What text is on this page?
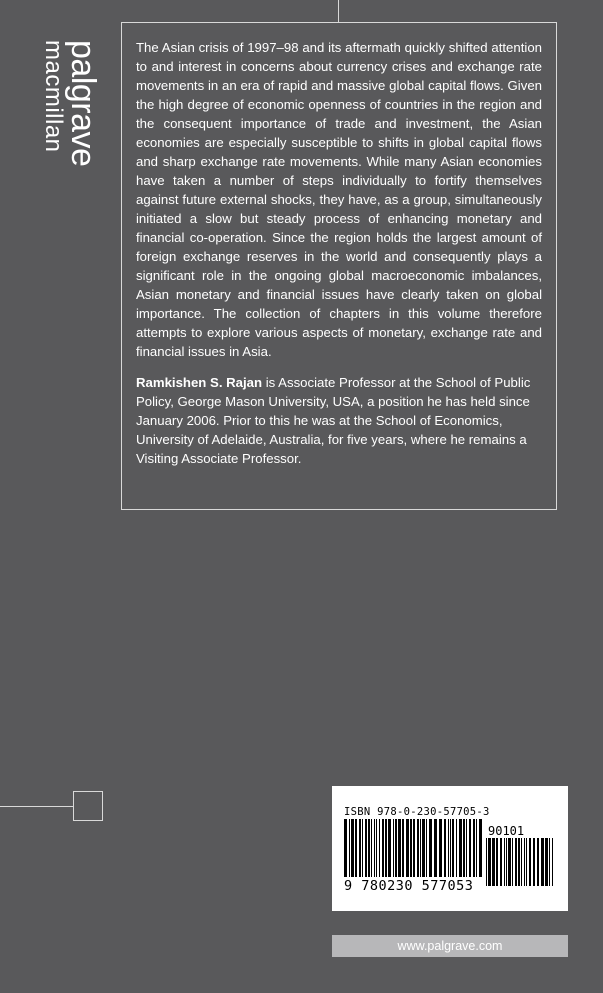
palgrave
macmillan	The Asian crisis of 1997–98 and its aftermath quickly shifted attention to and interest in concerns about currency crises and exchange rate movements in an era of rapid and massive global capital flows. Given the high degree of economic openness of countries in the region and the consequent importance of trade and investment, the Asian economies are especially susceptible to shifts in global capital flows and sharp exchange rate movements. While many Asian economies have taken a number of steps individually to fortify themselves against future external shocks, they have, as a group, simultaneously initiated a slow but steady process of enhancing monetary and financial co-operation. Since the region holds the largest amount of foreign exchange reserves in the world and consequently plays a significant role in the ongoing global macroeconomic imbalances, Asian monetary and financial issues have clearly taken on global importance. The collection of chapters in this volume therefore attempts to explore various aspects of monetary, exchange rate and financial issues in Asia.

Ramkishen S. Rajan is Associate Professor at the School of Public Policy, George Mason University, USA, a position he has held since January 2006. Prior to this he was at the School of Economics, University of Adelaide, Australia, for five years, where he remains a Visiting Associate Professor.

ISBN 978-0-230-57705-3
90101
9 780230 577053
www.palgrave.com
